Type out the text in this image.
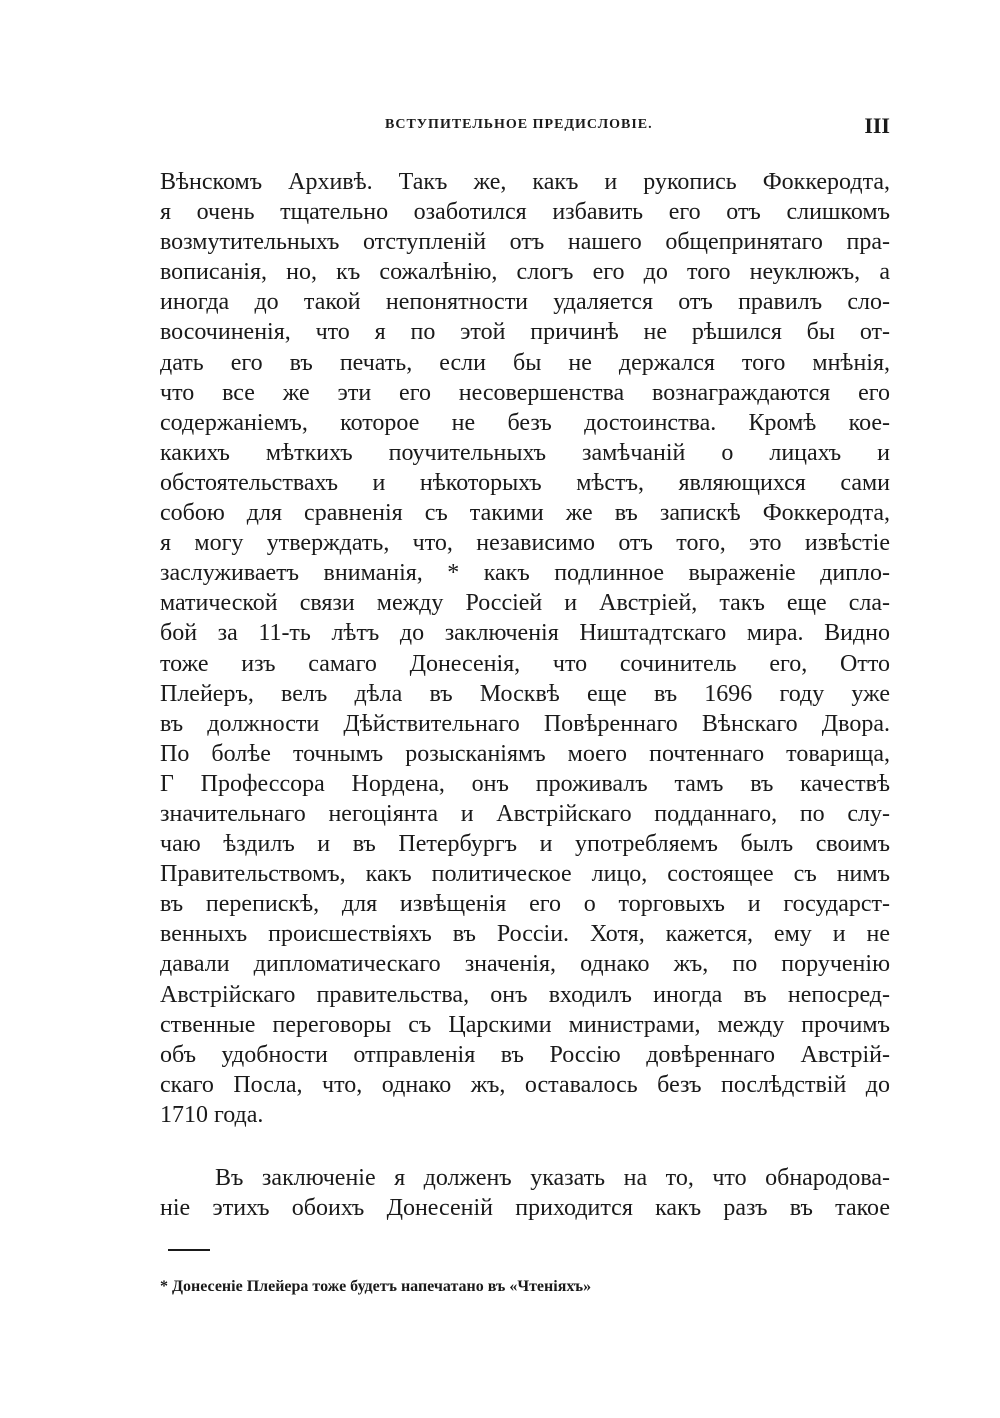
ВСТУПИТЕЛЬНОЕ ПРЕДИСЛОВІЕ.	III
Вѣнскомъ Архивѣ. Такъ же, какъ и рукопись Фоккеродта,
я очень тщательно озаботился избавить его отъ слишкомъ
возмутительныхъ отступленій отъ нашего общепринятаго пра-
вописанія, но, къ сожалѣнію, слогъ его до того неуклюжъ, а
иногда до такой непонятности удаляется отъ правилъ сло-
восочиненія, что я по этой причинѣ не рѣшился бы от-
дать его въ печать, если бы не держался того мнѣнія,
что все же эти его несовершенства вознаграждаются его
содержаніемъ, которое не безъ достоинства. Кромѣ кое-
какихъ мѣткихъ поучительныхъ замѣчаній о лицахъ и
обстоятельствахъ и нѣкоторыхъ мѣстъ, являющихся сами
собою для сравненія съ такими же въ запискѣ Фоккеродта,
я могу утверждать, что, независимо отъ того, это извѣстіе
заслуживаетъ вниманія, * какъ подлинное выраженіе дипло-
матической связи между Россіей и Австріей, такъ еще сла-
бой за 11-ть лѣтъ до заключенія Ништадтскаго мира. Видно
тоже изъ самаго Донесенія, что сочинитель его, Отто
Плейеръ, велъ дѣла въ Москвѣ еще въ 1696 году уже
въ должности Дѣйствительнаго Повѣреннаго Вѣнскаго Двора.
По болѣе точнымъ розысканіямъ моего почтеннаго товарища,
Г Профессора Нордена, онъ проживалъ тамъ въ качествѣ
значительнаго негоціянта и Австрійскаго подданнаго, по слу-
чаю ѣздилъ и въ Петербургъ и употребляемъ былъ своимъ
Правительствомъ, какъ политическое лицо, состоящее съ нимъ
въ перепискѣ, для извѣщенія его о торговыхъ и государст-
венныхъ происшествіяхъ въ Россіи. Хотя, кажется, ему и не
давали дипломатическаго значенія, однако жъ, по порученію
Австрійскаго правительства, онъ входилъ иногда въ непосред-
ственные переговоры съ Царскими министрами, между прочимъ
объ удобности отправленія въ Россію довѣреннаго Австрій-
скаго Посла, что, однако жъ, оставалось безъ послѣдствій до
1710 года.
Въ заключеніе я долженъ указать на то, что обнародова-
ніе этихъ обоихъ Донесеній приходится какъ разъ въ такое
* Донесеніе Плейера тоже будетъ напечатано въ «Чтеніяхъ»
